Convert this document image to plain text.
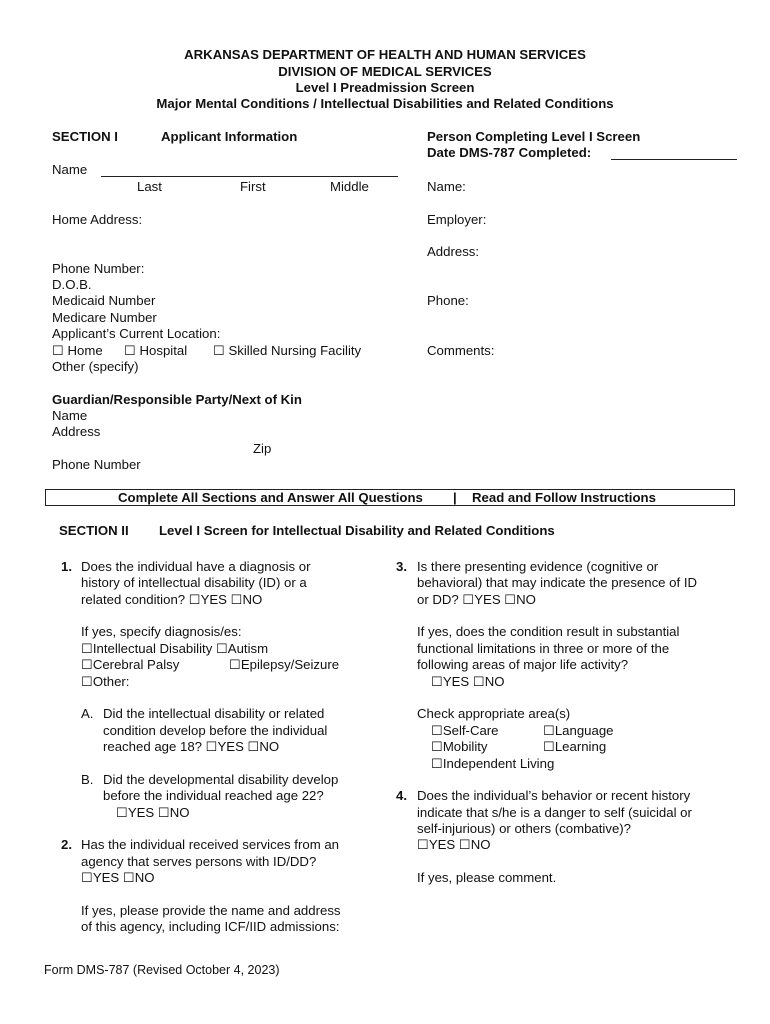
ARKANSAS DEPARTMENT OF HEALTH AND HUMAN SERVICES
DIVISION OF MEDICAL SERVICES
Level I Preadmission Screen
Major Mental Conditions / Intellectual Disabilities and Related Conditions
SECTION I	Applicant Information
Name
Last	First	Middle
Home Address:
Phone Number:
D.O.B.
Medicaid Number
Medicare Number
Applicant’s Current Location:
☐ Home ☐ Hospital ☐ Skilled Nursing Facility
Other (specify)
Person Completing Level I Screen
Date DMS-787 Completed:
Name:
Employer:
Address:
Phone:
Comments:
Guardian/Responsible Party/Next of Kin
Name
Address
Zip
Phone Number
Complete All Sections and Answer All Questions | Read and Follow Instructions
SECTION II Level I Screen for Intellectual Disability and Related Conditions
1. Does the individual have a diagnosis or
history of intellectual disability (ID) or a
related condition? ☐YES ☐NO
If yes, specify diagnosis/es:
☐Intellectual Disability ☐Autism
☐Cerebral Palsy	☐Epilepsy/Seizure
☐Other:
A. Did the intellectual disability or related
condition develop before the individual
reached age 18? ☐YES ☐NO
B. Did the developmental disability develop
before the individual reached age 22?
☐YES ☐NO
2. Has the individual received services from an
agency that serves persons with ID/DD?
☐YES ☐NO
If yes, please provide the name and address
of this agency, including ICF/IID admissions:
3. Is there presenting evidence (cognitive or
behavioral) that may indicate the presence of ID
or DD? ☐YES ☐NO
If yes, does the condition result in substantial
functional limitations in three or more of the
following areas of major life activity?
☐YES ☐NO
Check appropriate area(s)
☐Self-Care	☐Language
☐Mobility	☐Learning
☐Independent Living
4. Does the individual’s behavior or recent history
indicate that s/he is a danger to self (suicidal or
self-injurious) or others (combative)?
☐YES ☐NO
If yes, please comment.
Form DMS-787 (Revised October 4, 2023)
